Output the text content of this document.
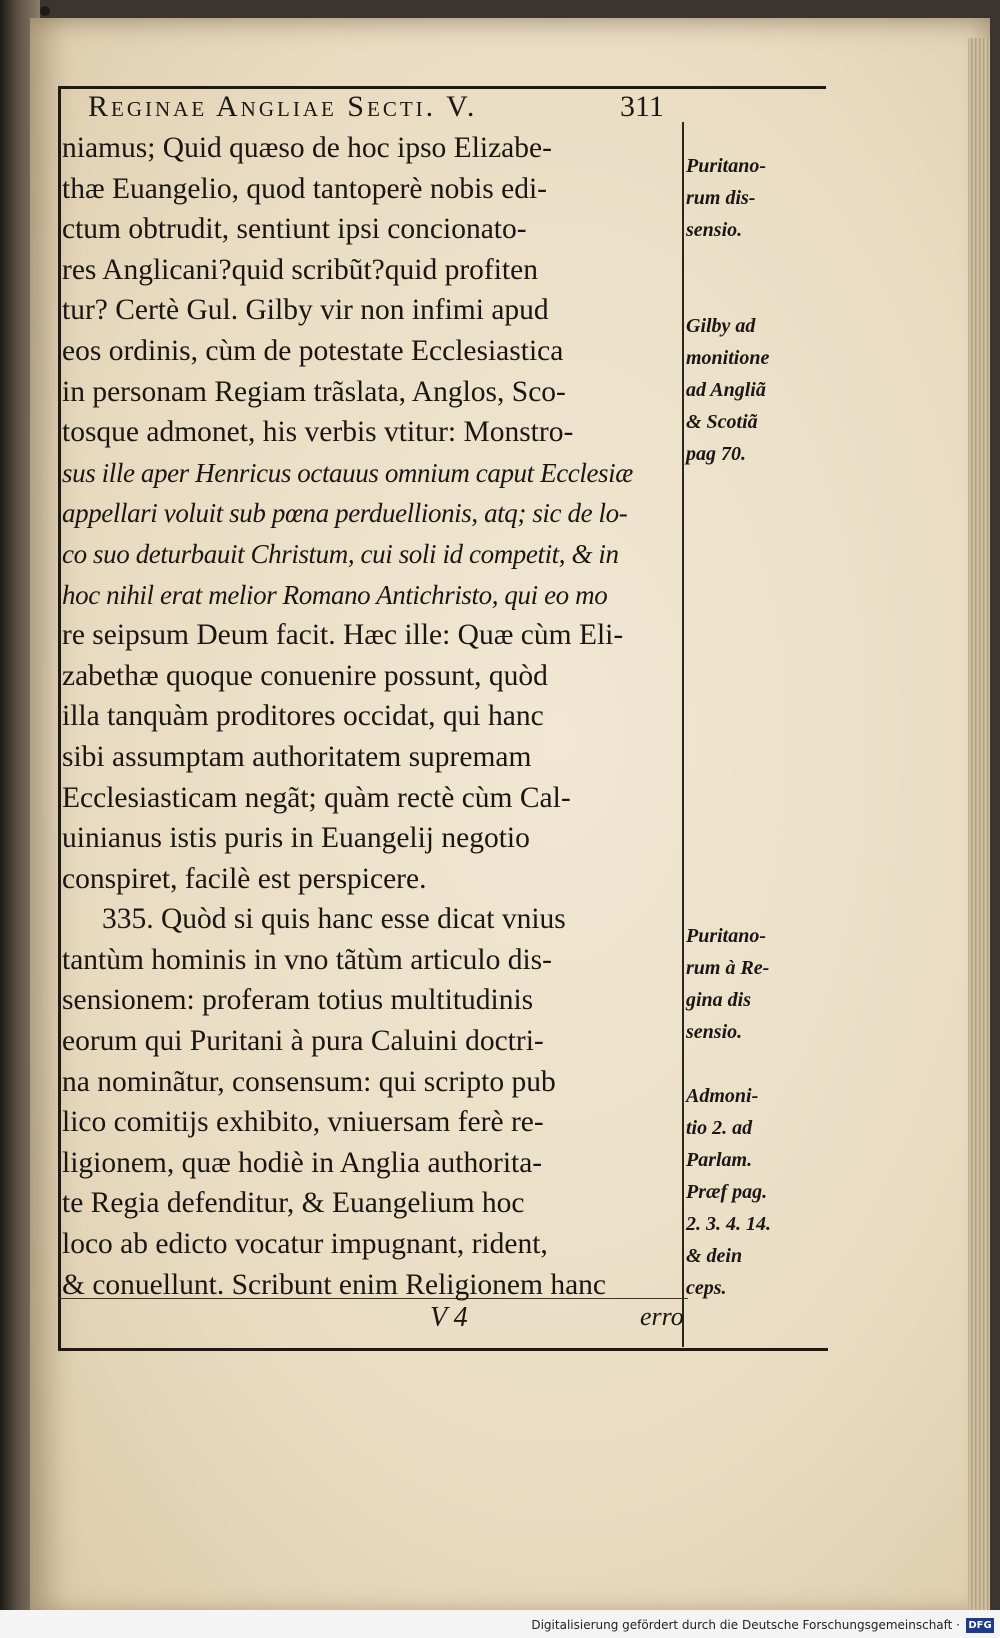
Reginae Angliae Secti. V.	311
niamus; Quid quæso de hoc ipso Elizabe-
thæ Euangelio, quod tantoperè nobis edi-
ctum obtrudit, sentiunt ipsi concionato-
res Anglicani?quid scribũt?quid profiten
tur? Certè Gul. Gilby vir non infimi apud
eos ordinis, cùm de potestate Ecclesiastica
in personam Regiam trãslata, Anglos, Sco-
tosque admonet, his verbis vtitur: Monstro-
sus ille aper Henricus octauus omnium caput Ecclesiæ
appellari voluit sub pœna perduellionis, atq; sic de lo-
co suo deturbauit Christum, cui soli id competit, & in
hoc nihil erat melior Romano Antichristo, qui eo mo
re seipsum Deum facit. Hæc ille: Quæ cùm Eli-
zabethæ quoque conuenire possunt, quòd
illa tanquàm proditores occidat, qui hanc
sibi assumptam authoritatem supremam
Ecclesiasticam negãt; quàm rectè cùm Cal-
uinianus istis puris in Euangelij negotio
conspiret, facilè est perspicere.
335. Quòd si quis hanc esse dicat vnius
tantùm hominis in vno tãtùm articulo dis-
sensionem: proferam totius multitudinis
eorum qui Puritani à pura Caluini doctri-
na nominãtur, consensum: qui scripto pub
lico comitijs exhibito, vniuersam ferè re-
ligionem, quæ hodiè in Anglia authorita-
te Regia defenditur, & Euangelium hoc
loco ab edicto vocatur impugnant, rident,
& conuellunt. Scribunt enim Religionem hanc
Puritano-
rum dis-
sensio.
Gilby ad
monitione
ad Angliã
& Scotiã
pag 70.
Puritano-
rum à Re-
gina dis
sensio.
Admoni-
tio 2. ad
Parlam.
Præf pag.
2. 3. 4. 14.
& dein
ceps.
V 4	erro
Digitalisierung gefördert durch die Deutsche Forschungsgemeinschaft · DFG
